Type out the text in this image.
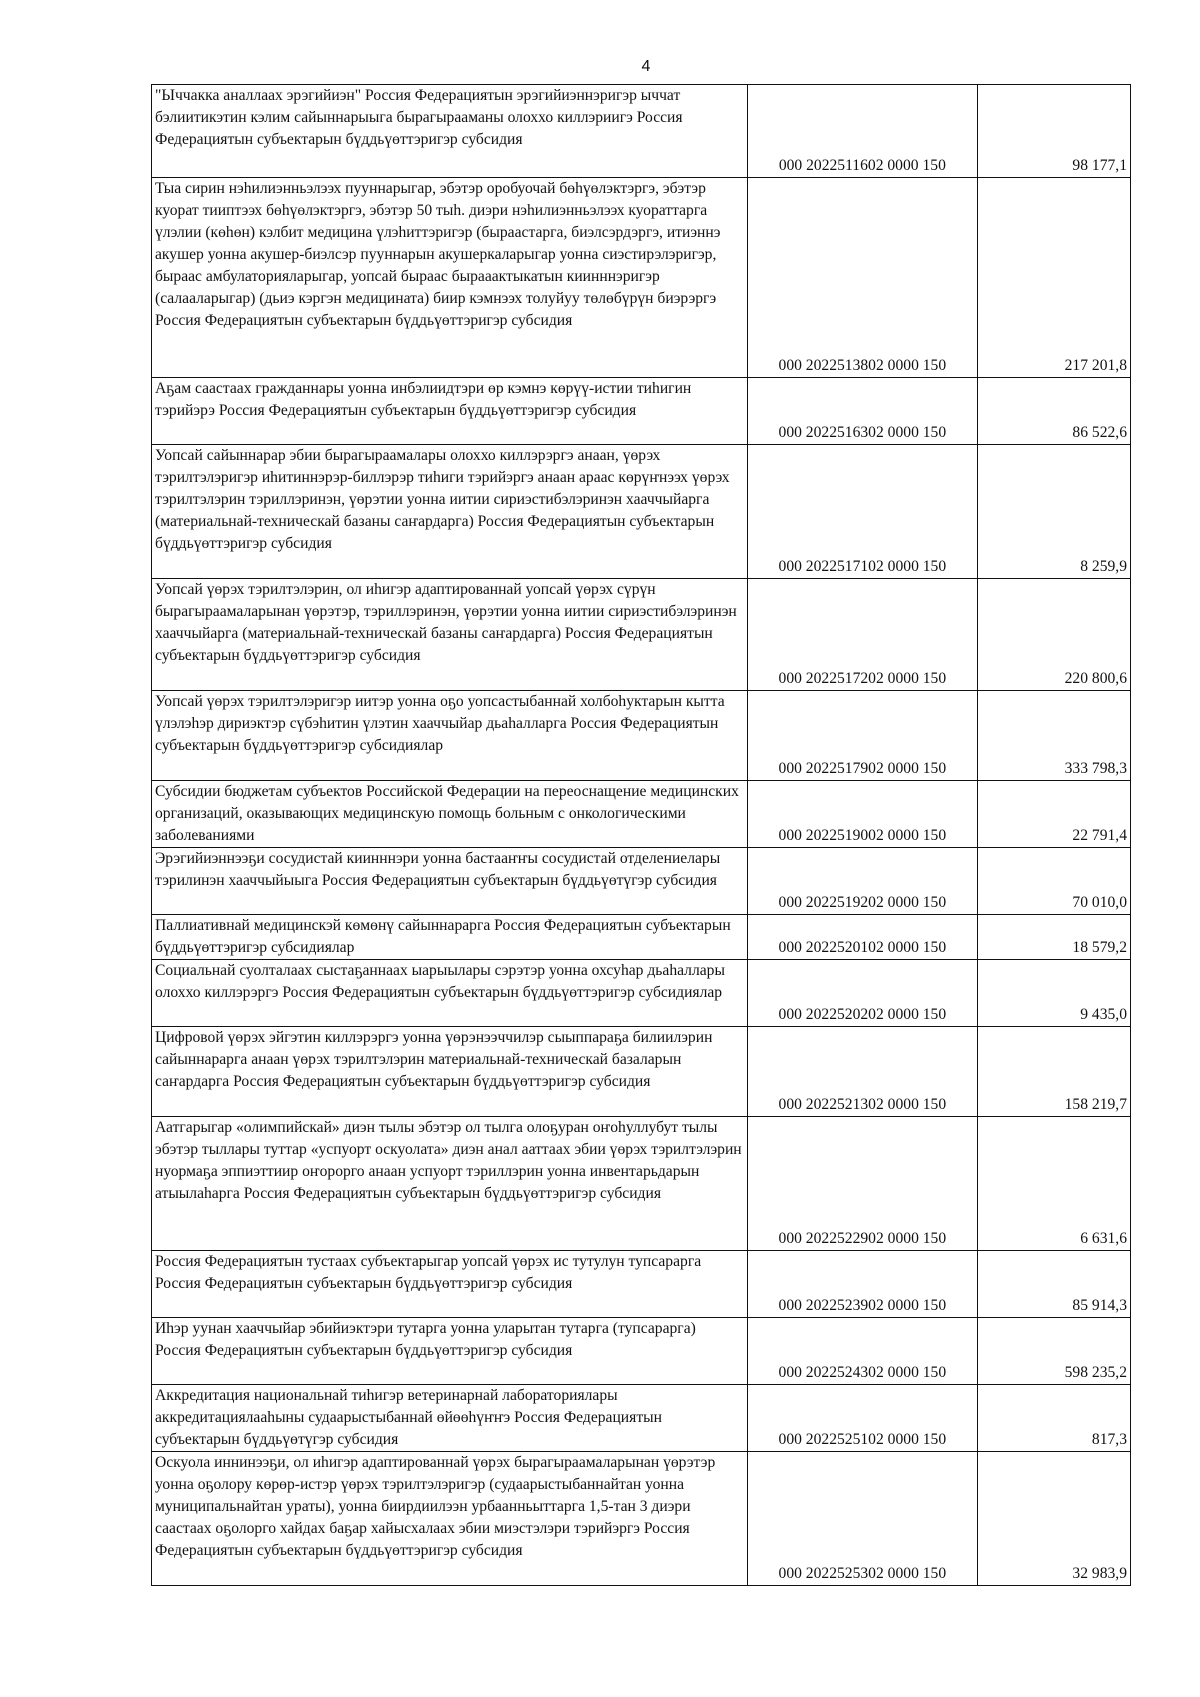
4
"Ыччакка аналлаах эрэгийиэн" Россия Федерациятын эрэгийиэннэригэр ыччат бэлиитикэтин кэлим сайыннарыыга бырагырааманы олоххо киллэриигэ Россия Федерациятын субъектарын бүддьүөттэригэр субсидия	000 2022511602 0000 150	98 177,1
Тыа сирин нэһилиэнньэлээх пууннарыгар, эбэтэр оробуочай бөһүөлэктэргэ, эбэтэр куорат тииптээх бөһүөлэктэргэ, эбэтэр 50 тыһ. диэри нэһилиэнньэлээх куораттарга үлэлии (көһөн) кэлбит медицина үлэһиттэригэр (быраастарга, биэлсэрдэргэ, итиэннэ акушер уонна акушер-биэлсэр пууннарын акушеркаларыгар уонна сиэстирэлэригэр, быраас амбулаторияларыгар, уопсай быраас бырааактыкатын киинннэригэр (салааларыгар) (дьиэ кэргэн медицината) биир кэмнээх толуйуу төлөбүрүн биэрэргэ Россия Федерациятын субъектарын бүддьүөттэригэр субсидия	000 2022513802 0000 150	217 201,8
Аҕам саастаах гражданнары уонна инбэлиидтэри өр кэмнэ көрүү-истии тиһигин тэрийэрэ Россия Федерациятын субъектарын бүддьүөттэригэр субсидия	000 2022516302 0000 150	86 522,6
Уопсай сайыннарар эбии бырагыраамалары олоххо киллэрэргэ анаан, үөрэх тэрилтэлэригэр иһитиннэрэр-биллэрэр тиһиги тэрийэргэ анаан араас көрүҥнээх үөрэх тэрилтэлэрин тэриллэринэн, үөрэтии уонна иитии сириэстибэлэринэн хааччыйарга (материальнай-техническай базаны саҥардарга) Россия Федерациятын субъектарын бүддьүөттэригэр субсидия	000 2022517102 0000 150	8 259,9
Уопсай үөрэх тэрилтэлэрин, ол иһигэр адаптированнай уопсай үөрэх сүрүн бырагыраамаларынан үөрэтэр, тэриллэринэн, үөрэтии уонна иитии сириэстибэлэринэн хааччыйарга (материальнай-техническай базаны саҥардарга) Россия Федерациятын субъектарын бүддьүөттэригэр субсидия	000 2022517202 0000 150	220 800,6
Уопсай үөрэх тэрилтэлэригэр иитэр уонна оҕо уопсастыбаннай холбоһуктарын кытта үлэлэһэр дириэктэр сүбэһитин үлэтин хааччыйар дьаһалларга Россия Федерациятын субъектарын бүддьүөттэригэр субсидиялар	000 2022517902 0000 150	333 798,3
Субсидии бюджетам субъектов Российской Федерации на переоснащение медицинских организаций, оказывающих медицинскую помощь больным с онкологическими заболеваниями	000 2022519002 0000 150	22 791,4
Эрэгийиэннээҕи сосудистай киинннэри уонна бастааҥҥы сосудистай отделениелары тэрилинэн хааччыйыыга Россия Федерациятын субъектарын бүддьүөтүгэр субсидия	000 2022519202 0000 150	70 010,0
Паллиативнай медицинскэй көмөнү сайыннарарга Россия Федерациятын субъектарын бүддьүөттэригэр субсидиялар	000 2022520102 0000 150	18 579,2
Социальнай суолталаах сыстаҕаннаах ыарыылары сэрэтэр уонна охсуһар дьаһаллары олоххо киллэрэргэ Россия Федерациятын субъектарын бүддьүөттэригэр субсидиялар	000 2022520202 0000 150	9 435,0
Цифровой үөрэх эйгэтин киллэрэргэ уонна үөрэнээччилэр сыыппараҕа билиилэрин сайыннарарга анаан үөрэх тэрилтэлэрин материальнай-техническай базаларын саҥардарга Россия Федерациятын субъектарын бүддьүөттэригэр субсидия	000 2022521302 0000 150	158 219,7
Аатгарыгар «олимпийскай» диэн тылы эбэтэр ол тылга олоҕуран оҥоһуллубут тылы эбэтэр тыллары туттар «успуорт оскуолата» диэн анал ааттаах эбии үөрэх тэрилтэлэрин нуормаҕа эппиэттиир оҥорорго анаан успуорт тэриллэрин уонна инвентарьдарын атыылаһарга Россия Федерациятын субъектарын бүддьүөттэригэр субсидия	000 2022522902 0000 150	6 631,6
Россия Федерациятын тустаах субъектарыгар уопсай үөрэх ис тутулун тупсарарга Россия Федерациятын субъектарын бүддьүөттэригэр субсидия	000 2022523902 0000 150	85 914,3
Иһэр уунан хааччыйар эбийиэктэри тутарга уонна уларытан тутарга (тупсарарга) Россия Федерациятын субъектарын бүддьүөттэригэр субсидия	000 2022524302 0000 150	598 235,2
Аккредитация национальнай тиһигэр ветеринарнай лабораториялары аккредитациялааһыны судаарыстыбаннай өйөөһүҥҥэ Россия Федерациятын субъектарын бүддьүөтүгэр субсидия	000 2022525102 0000 150	817,3
Оскуола иннинээҕи, ол иһигэр адаптированнай үөрэх бырагыраамаларынан үөрэтэр уонна оҕолору көрөр-истэр үөрэх тэрилтэлэригэр (судаарыстыбаннайтан уонна муниципальнайтан ураты), уонна биирдиилээн урбаанньыттарга 1,5-тан 3 диэри саастаах оҕолорго хайдах баҕар хайысхалаах эбии миэстэлэри тэрийэргэ Россия Федерациятын субъектарын бүддьүөттэригэр субсидия	000 2022525302 0000 150	32 983,9
